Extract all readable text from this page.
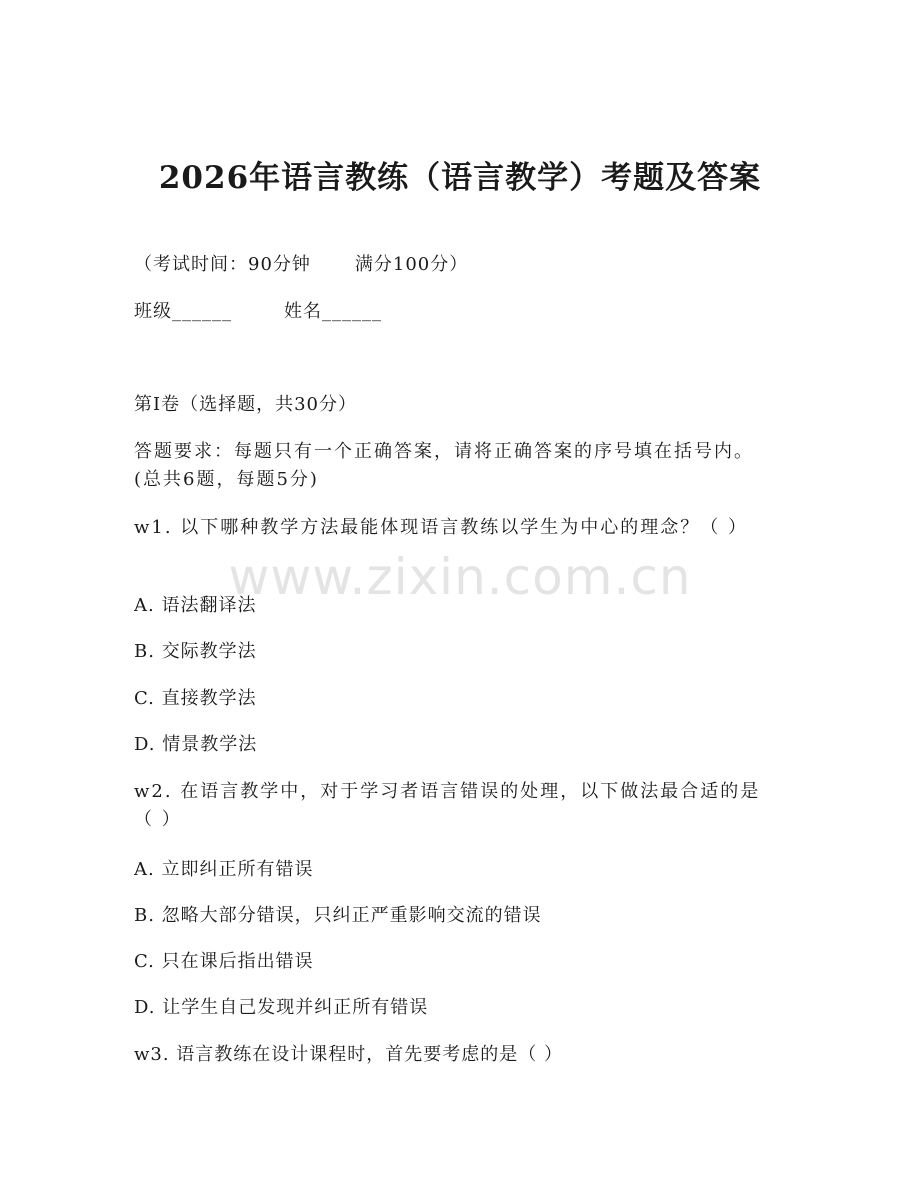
2026年语言教练（语言教学）考题及答案
（考试时间：90分钟 满分100分）
班级______	姓名______
第Ⅰ卷（选择题，共30分）
答题要求：每题只有一个正确答案，请将正确答案的序号填在括号内。(总共6题，每题5分)
w1. 以下哪种教学方法最能体现语言教练以学生为中心的理念？（ ）
A. 语法翻译法
B. 交际教学法
C. 直接教学法
D. 情景教学法
w2. 在语言教学中，对于学习者语言错误的处理，以下做法最合适的是（ ）
A. 立即纠正所有错误
B. 忽略大部分错误，只纠正严重影响交流的错误
C. 只在课后指出错误
D. 让学生自己发现并纠正所有错误
w3. 语言教练在设计课程时，首先要考虑的是（ ）
www.zixin.com.cn
